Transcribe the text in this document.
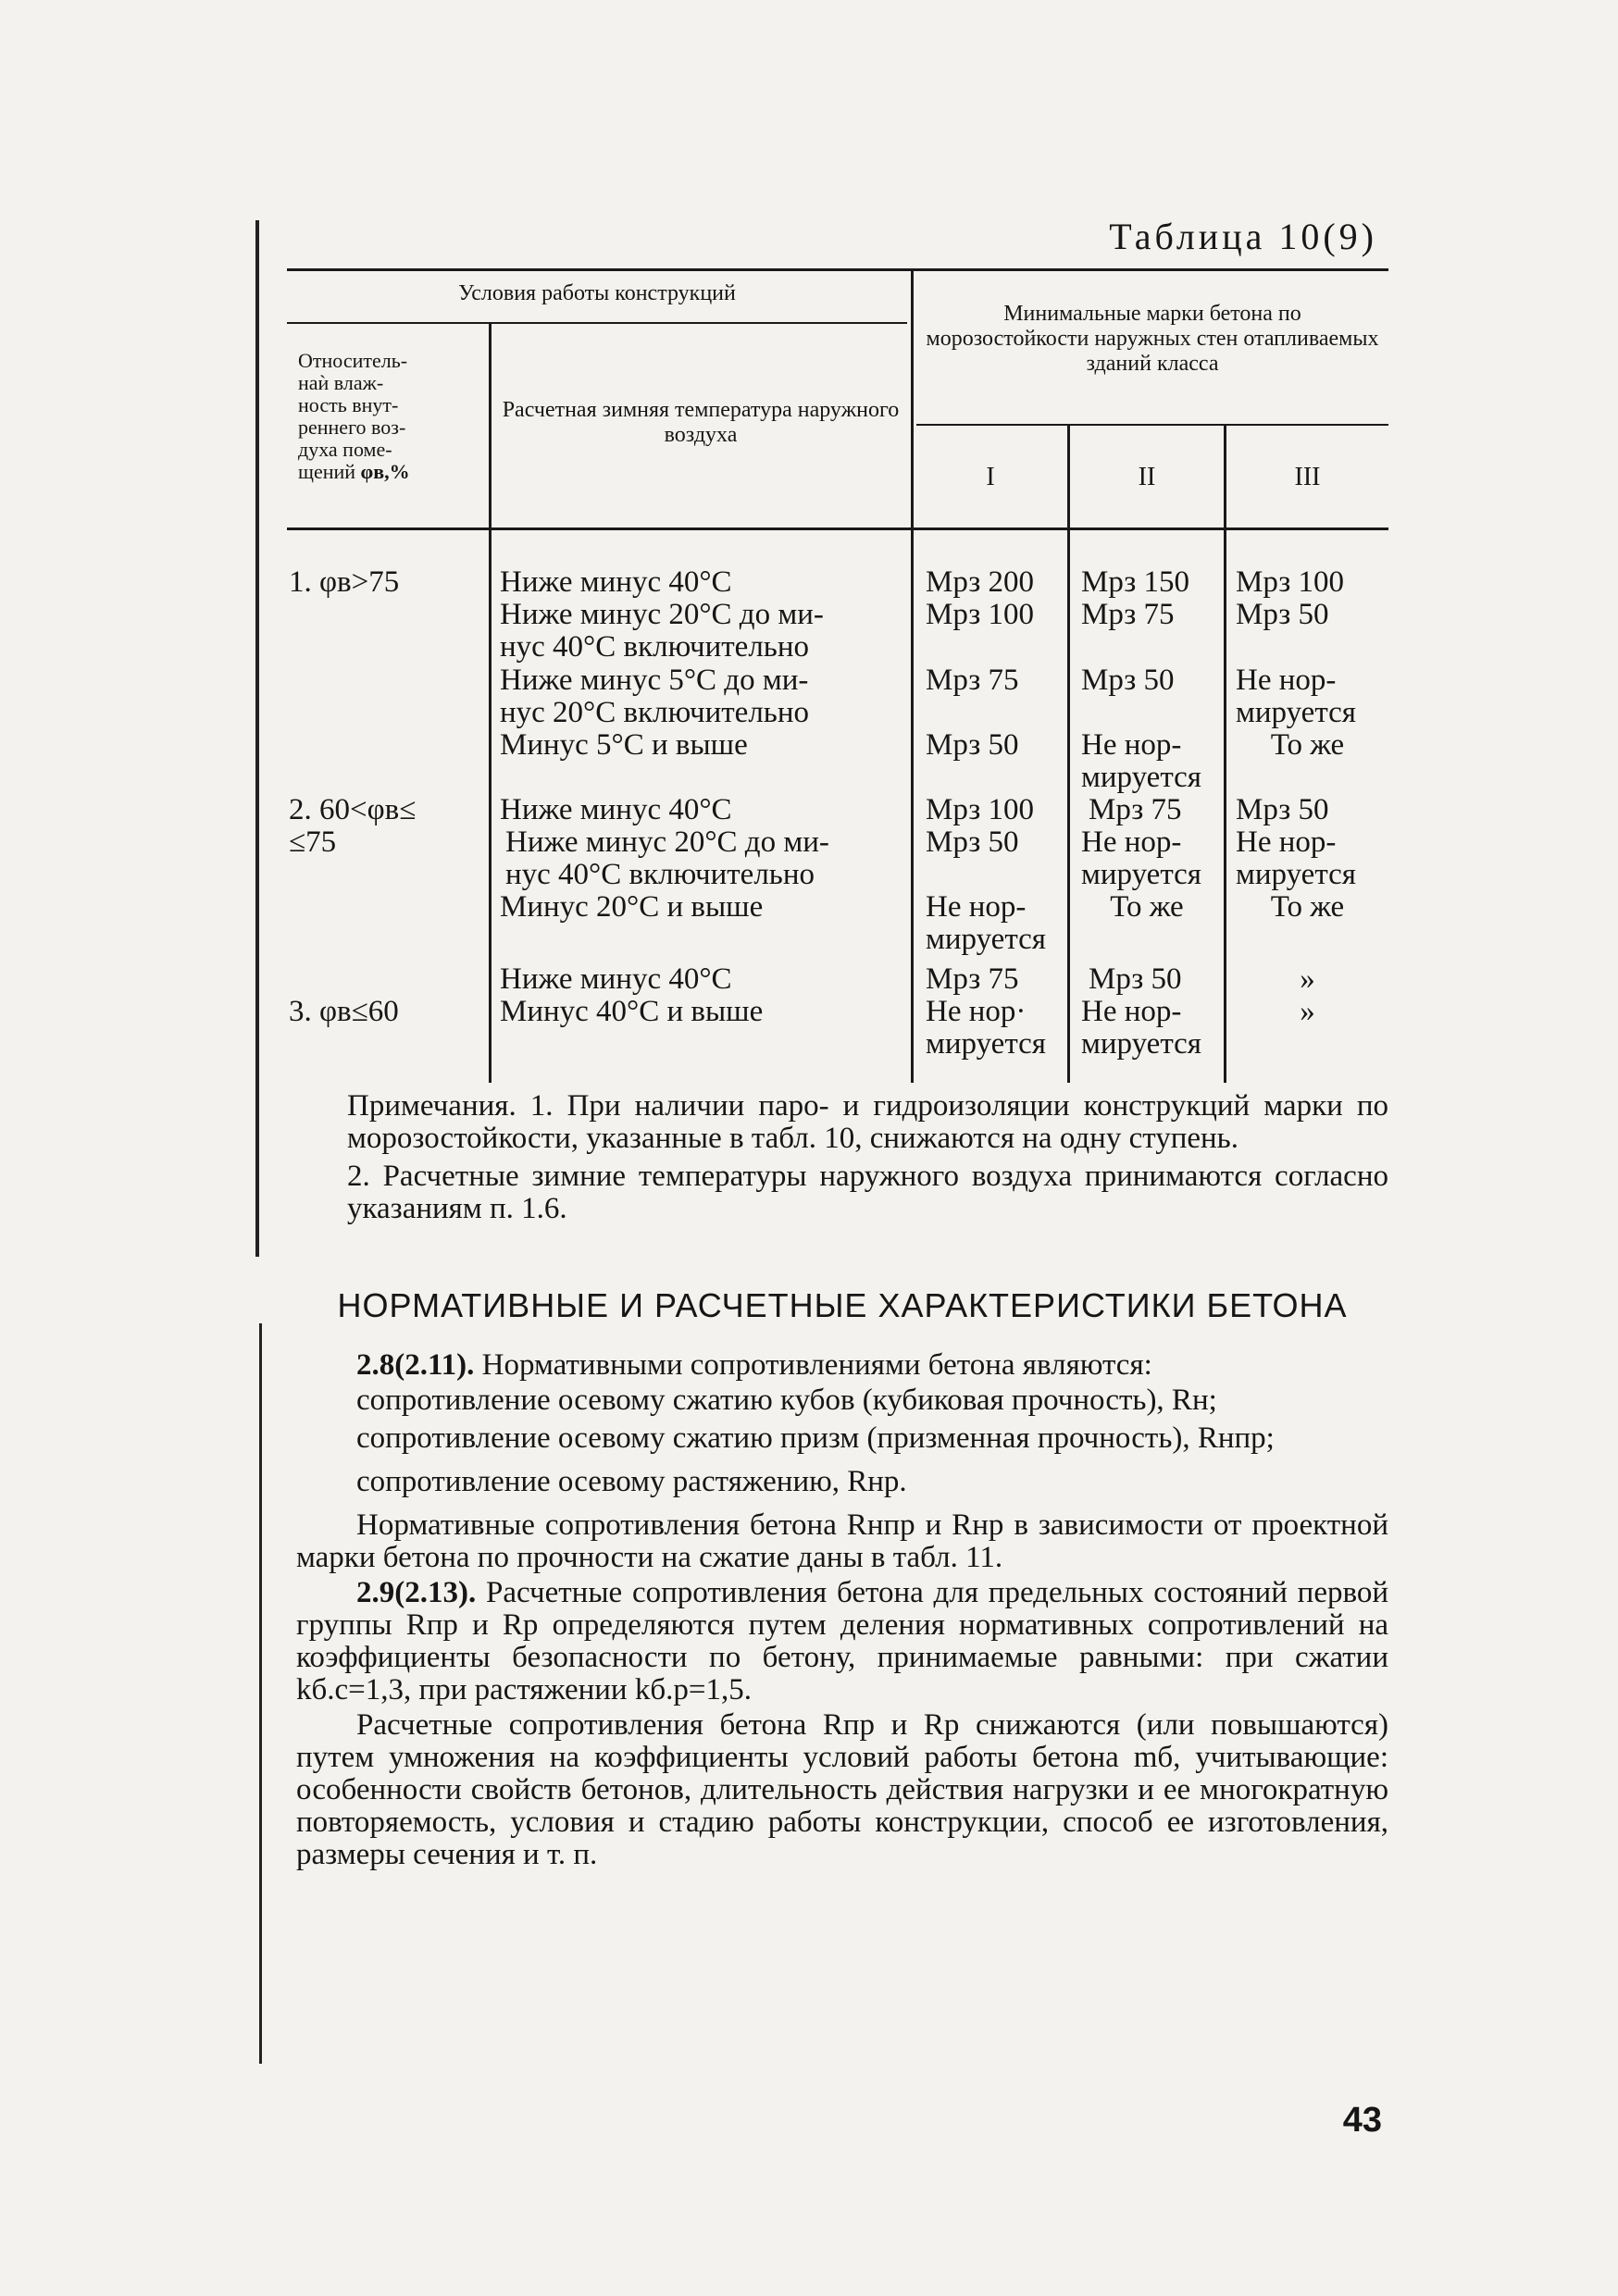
Таблица 10(9)
Условия работы конструкций
Относитель-
наѝ влаж-
ность внут-
реннего воз-
духа поме-
щений φв,%
Расчетная зимняя температура наружного воздуха
Минимальные марки бетона по морозостойкости наружных стен отапливаемых зданий класса
I	II	III
1. φв>75
2. 60<φв≤
≤75
3. φв≤60
Ниже минус 40°С
Ниже минус 20°С до ми-
нус 40°С включительно
Ниже минус 5°С до ми-
нус 20°С включительно
Минус 5°С и выше
Ниже минус 40°С
Ниже минус 20°С до ми-
нус 40°С включительно
Минус 20°С и выше
Ниже минус 40°С
Минус 40°С и выше
Мрз 200
Мрз 100
Мрз 75
Мрз 50
Мрз 100
Мрз 50
Не нор-
мируется
Мрз 75
Не нор·
мируется
Мрз 150
Мрз 75
Мрз 50
Не нор-
мируется
Мрз 75
Не нор-
мируется
То же
Мрз 50
Не нор-
мируется
Мрз 100
Мрз 50
Не нор-
мируется
То же
Мрз 50
Не нор-
мируется
То же
»
»

Примечания. 1. При наличии паро- и гидроизоляции конструкций марки по морозостойкости, указанные в табл. 10, снижаются на одну ступень.

2. Расчетные зимние температуры наружного воздуха принимаются согласно указаниям п. 1.6.

НОРМАТИВНЫЕ И РАСЧЕТНЫЕ ХАРАКТЕРИСТИКИ БЕТОНА

2.8(2.11). Нормативными сопротивлениями бетона являются:

сопротивление осевому сжатию кубов (кубиковая прочность), Rн;

сопротивление осевому сжатию призм (призменная прочность), Rнпр;

сопротивление осевому растяжению, Rнр.

Нормативные сопротивления бетона Rнпр и Rнр в зависимости от проектной марки бетона по прочности на сжатие даны в табл. 11.

2.9(2.13). Расчетные сопротивления бетона для предельных состояний первой группы Rпр и Rр определяются путем деления нормативных сопротивлений на коэффициенты безопасности по бетону, принимаемые равными: при сжатии kб.с=1,3, при растяжении kб.р=1,5.

Расчетные сопротивления бетона Rпр и Rр снижаются (или повышаются) путем умножения на коэффициенты условий работы бетона mб, учитывающие: особенности свойств бетонов, длительность действия нагрузки и ее многократную повторяемость, условия и стадию работы конструкции, способ ее изготовления, размеры сечения и т. п.

43
